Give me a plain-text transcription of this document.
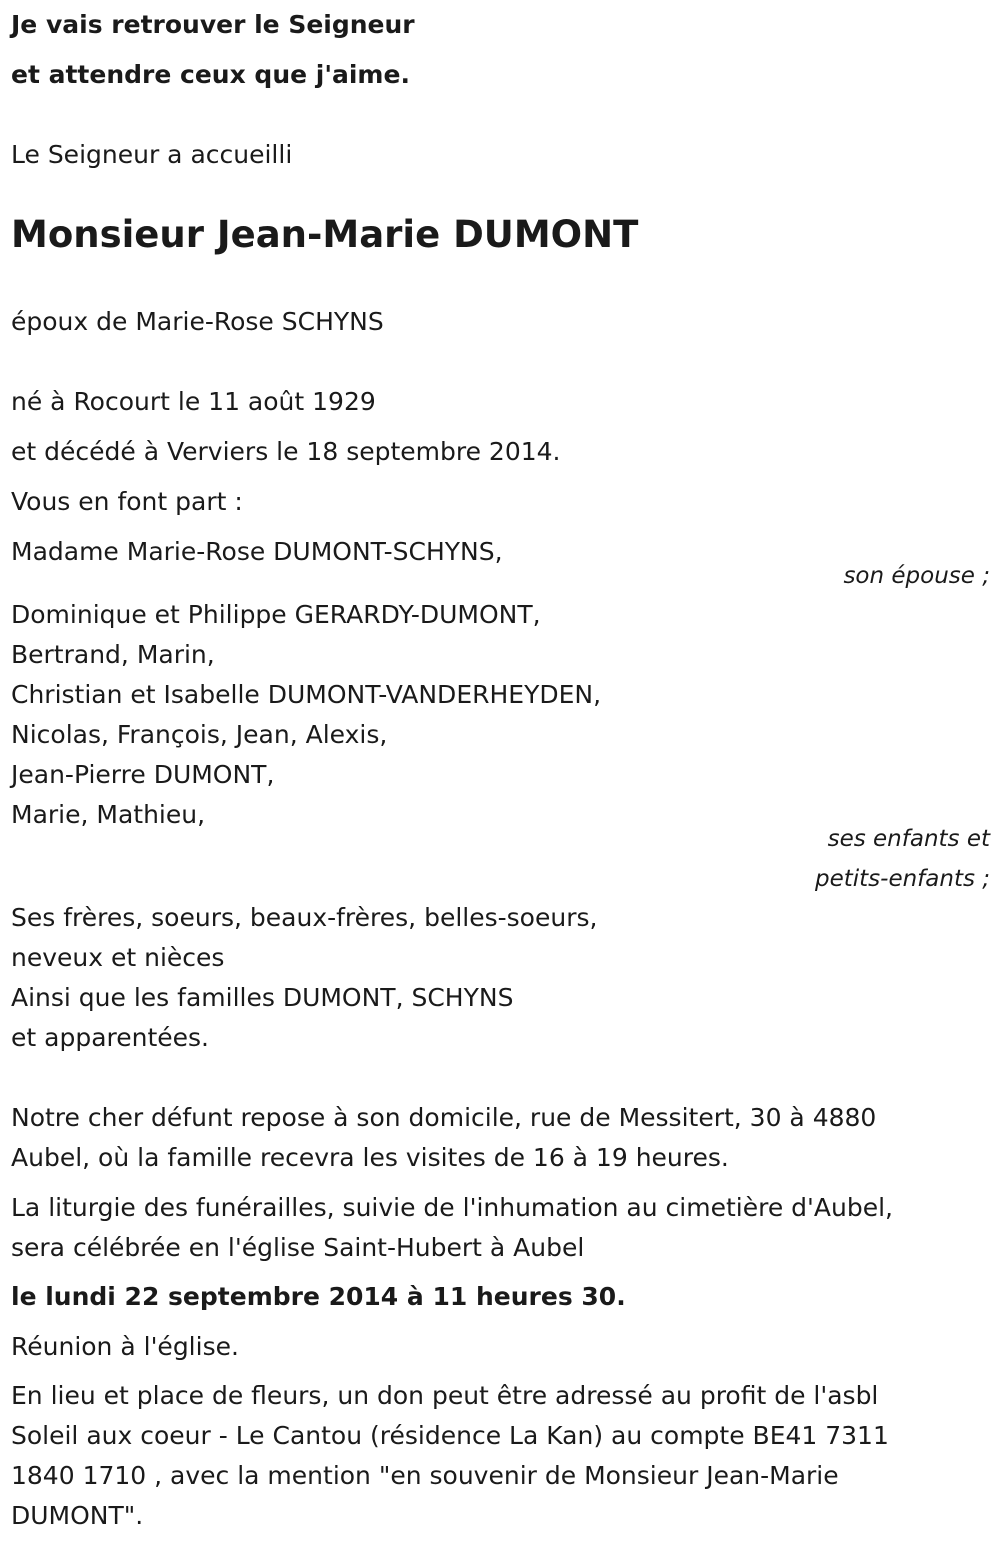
Je vais retrouver le Seigneur
et attendre ceux que j'aime.
Le Seigneur a accueilli
Monsieur Jean-Marie DUMONT
époux de Marie-Rose SCHYNS
né à Rocourt le 11 août 1929
et décédé à Verviers le 18 septembre 2014.
Vous en font part :
Madame Marie-Rose DUMONT-SCHYNS,
son épouse ;
Dominique et Philippe GERARDY-DUMONT,
Bertrand, Marin,
Christian et Isabelle DUMONT-VANDERHEYDEN,
Nicolas, François, Jean, Alexis,
Jean-Pierre DUMONT,
Marie, Mathieu,
ses enfants et
petits-enfants ;
Ses frères, soeurs, beaux-frères, belles-soeurs,
neveux et nièces
Ainsi que les familles DUMONT, SCHYNS
et apparentées.
Notre cher défunt repose à son domicile, rue de Messitert, 30 à 4880
Aubel, où la famille recevra les visites de 16 à 19 heures.
La liturgie des funérailles, suivie de l'inhumation au cimetière d'Aubel,
sera célébrée en l'église Saint-Hubert à Aubel
le lundi 22 septembre 2014 à 11 heures 30.
Réunion à l'église.
En lieu et place de fleurs, un don peut être adressé au profit de l'asbl
Soleil aux coeur - Le Cantou (résidence La Kan) au compte BE41 7311
1840 1710 , avec la mention "en souvenir de Monsieur Jean-Marie
DUMONT".
